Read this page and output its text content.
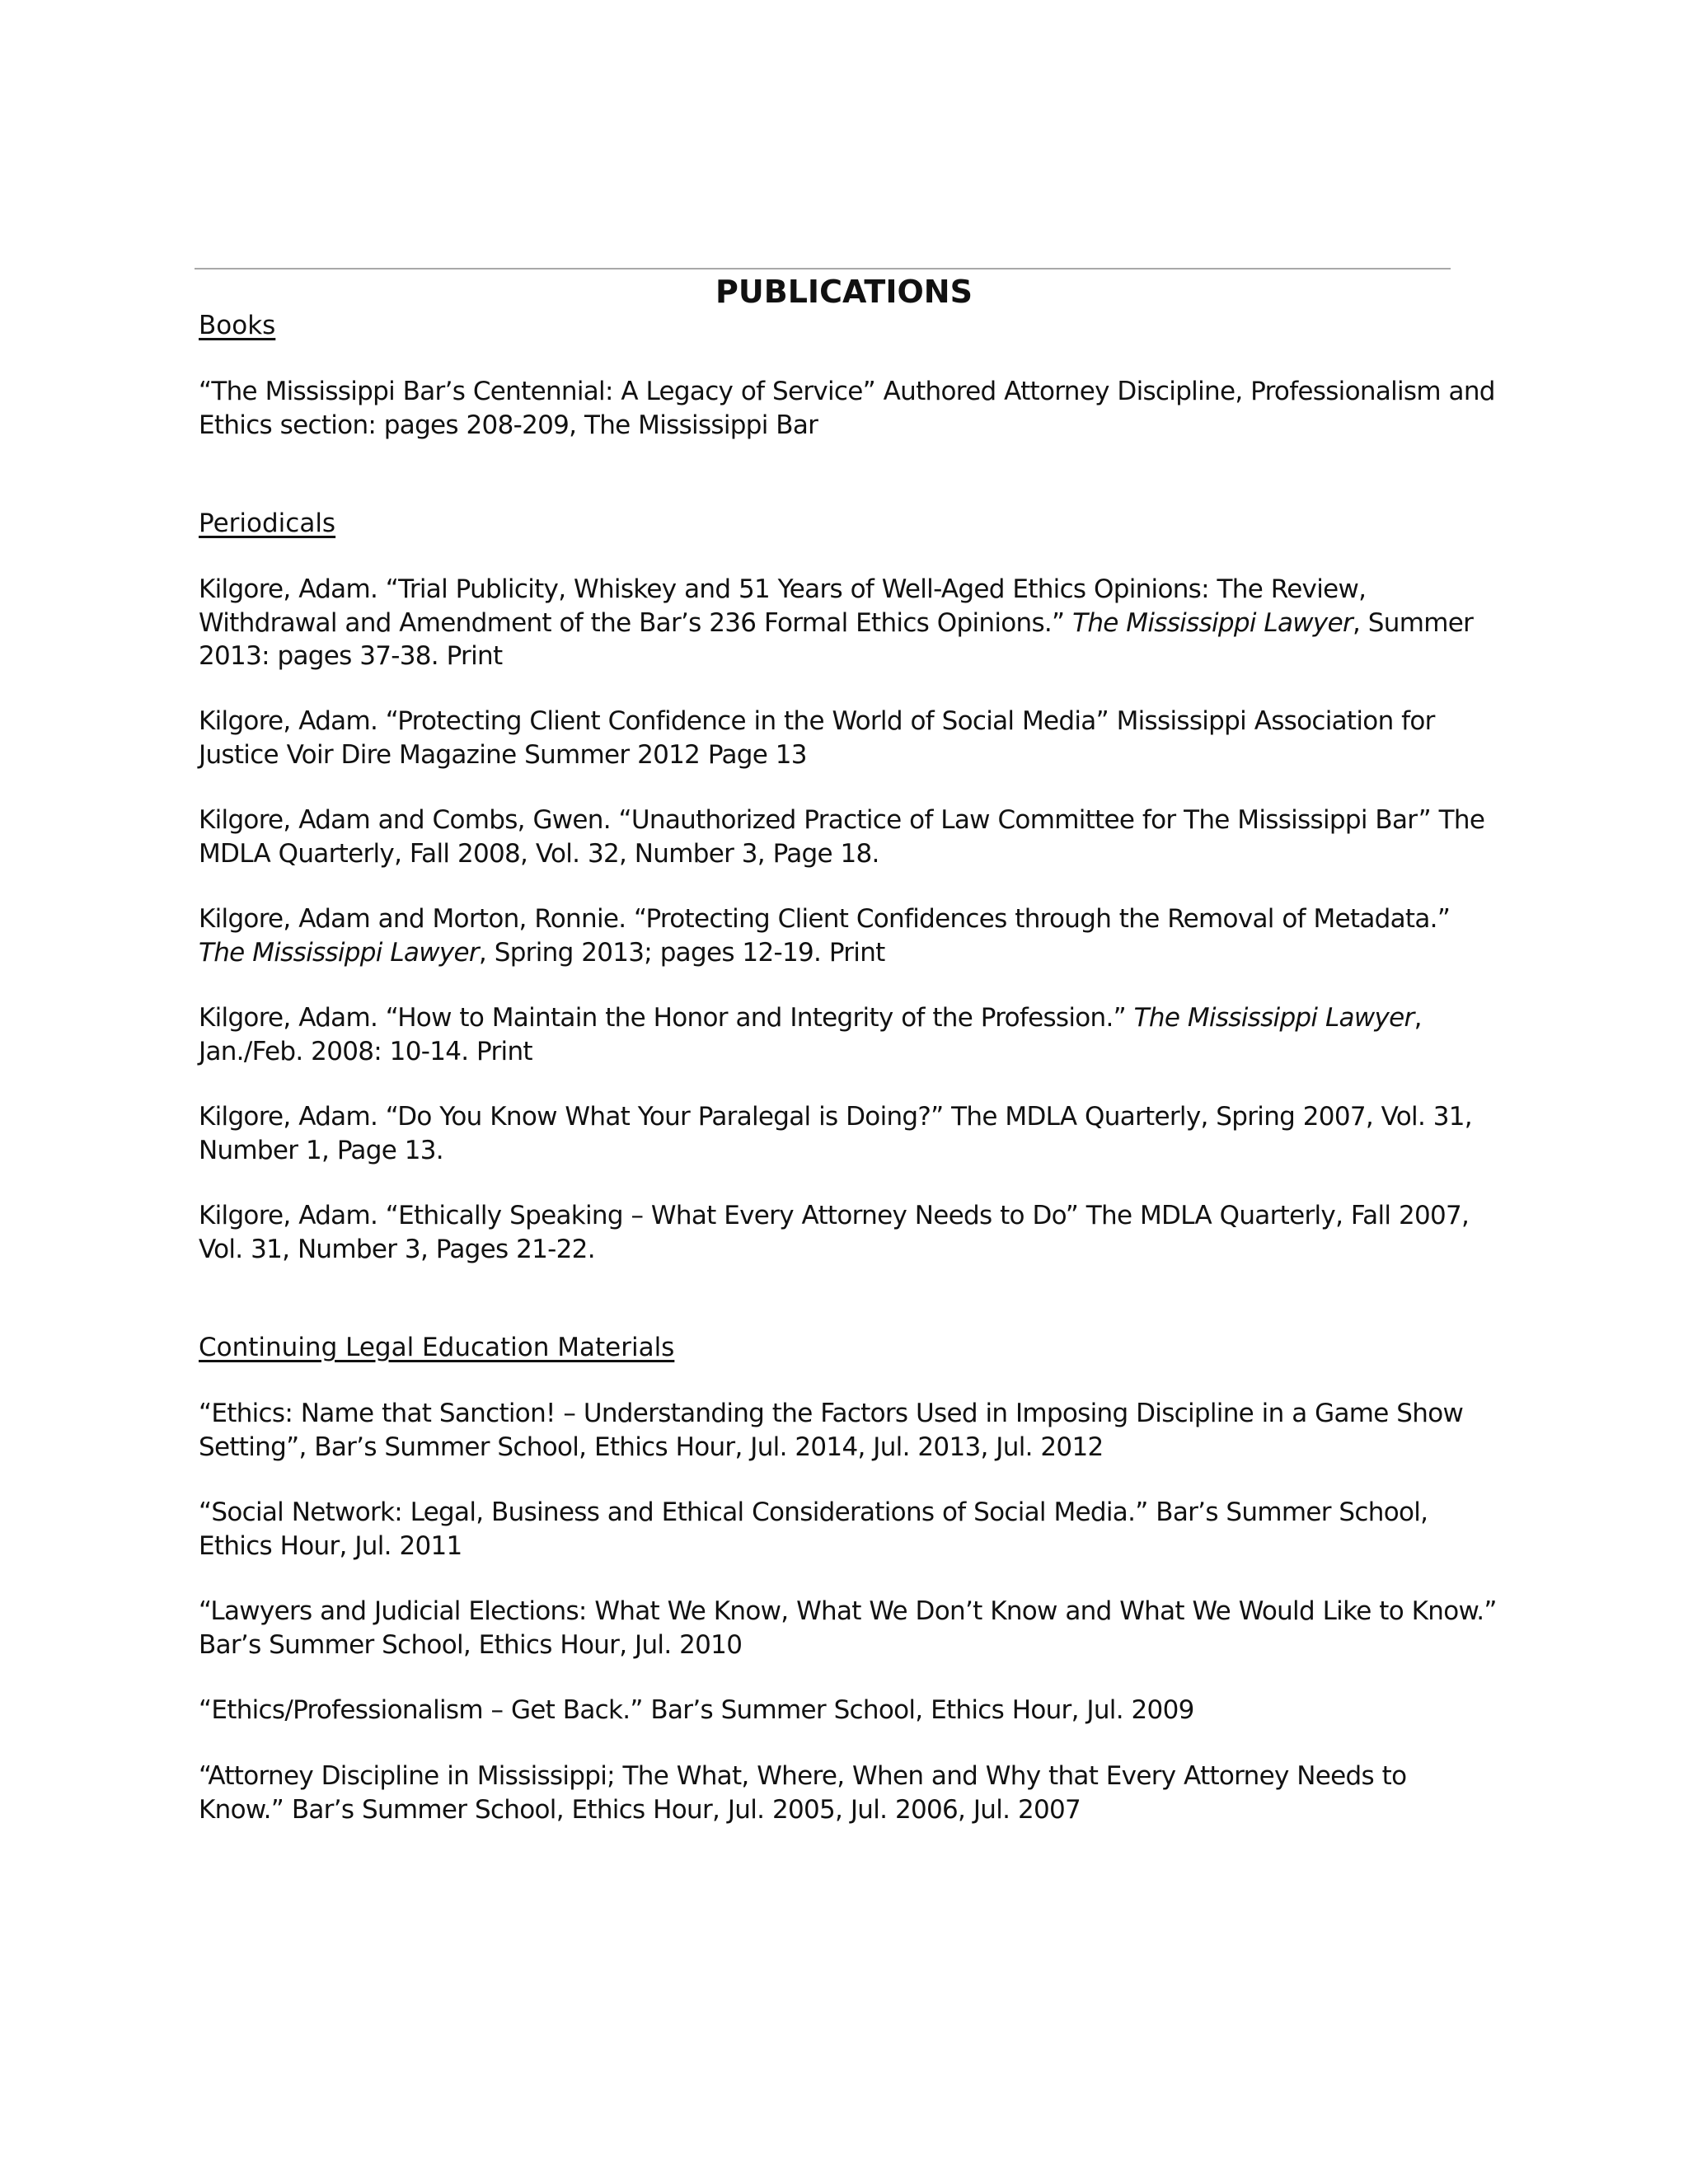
PUBLICATIONS
Books
“The Mississippi Bar’s Centennial: A Legacy of Service” Authored Attorney Discipline, Professionalism and Ethics section: pages 208-209, The Mississippi Bar
Periodicals
Kilgore, Adam. “Trial Publicity, Whiskey and 51 Years of Well-Aged Ethics Opinions: The Review, Withdrawal and Amendment of the Bar’s 236 Formal Ethics Opinions.” The Mississippi Lawyer, Summer 2013: pages 37-38. Print
Kilgore, Adam. “Protecting Client Confidence in the World of Social Media” Mississippi Association for Justice Voir Dire Magazine Summer 2012 Page 13
Kilgore, Adam and Combs, Gwen. “Unauthorized Practice of Law Committee for The Mississippi Bar” The MDLA Quarterly, Fall 2008, Vol. 32, Number 3, Page 18.
Kilgore, Adam and Morton, Ronnie. “Protecting Client Confidences through the Removal of Metadata.” The Mississippi Lawyer, Spring 2013; pages 12-19. Print
Kilgore, Adam. “How to Maintain the Honor and Integrity of the Profession.” The Mississippi Lawyer, Jan./Feb. 2008: 10-14. Print
Kilgore, Adam. “Do You Know What Your Paralegal is Doing?” The MDLA Quarterly, Spring 2007, Vol. 31, Number 1, Page 13.
Kilgore, Adam. “Ethically Speaking – What Every Attorney Needs to Do” The MDLA Quarterly, Fall 2007, Vol. 31, Number 3, Pages 21-22.
Continuing Legal Education Materials
“Ethics: Name that Sanction! – Understanding the Factors Used in Imposing Discipline in a Game Show Setting”, Bar’s Summer School, Ethics Hour, Jul. 2014, Jul. 2013, Jul. 2012
“Social Network: Legal, Business and Ethical Considerations of Social Media.” Bar’s Summer School, Ethics Hour, Jul. 2011
“Lawyers and Judicial Elections: What We Know, What We Don’t Know and What We Would Like to Know.” Bar’s Summer School, Ethics Hour, Jul. 2010
“Ethics/Professionalism – Get Back.” Bar’s Summer School, Ethics Hour, Jul. 2009
“Attorney Discipline in Mississippi; The What, Where, When and Why that Every Attorney Needs to Know.” Bar’s Summer School, Ethics Hour, Jul. 2005, Jul. 2006, Jul. 2007
